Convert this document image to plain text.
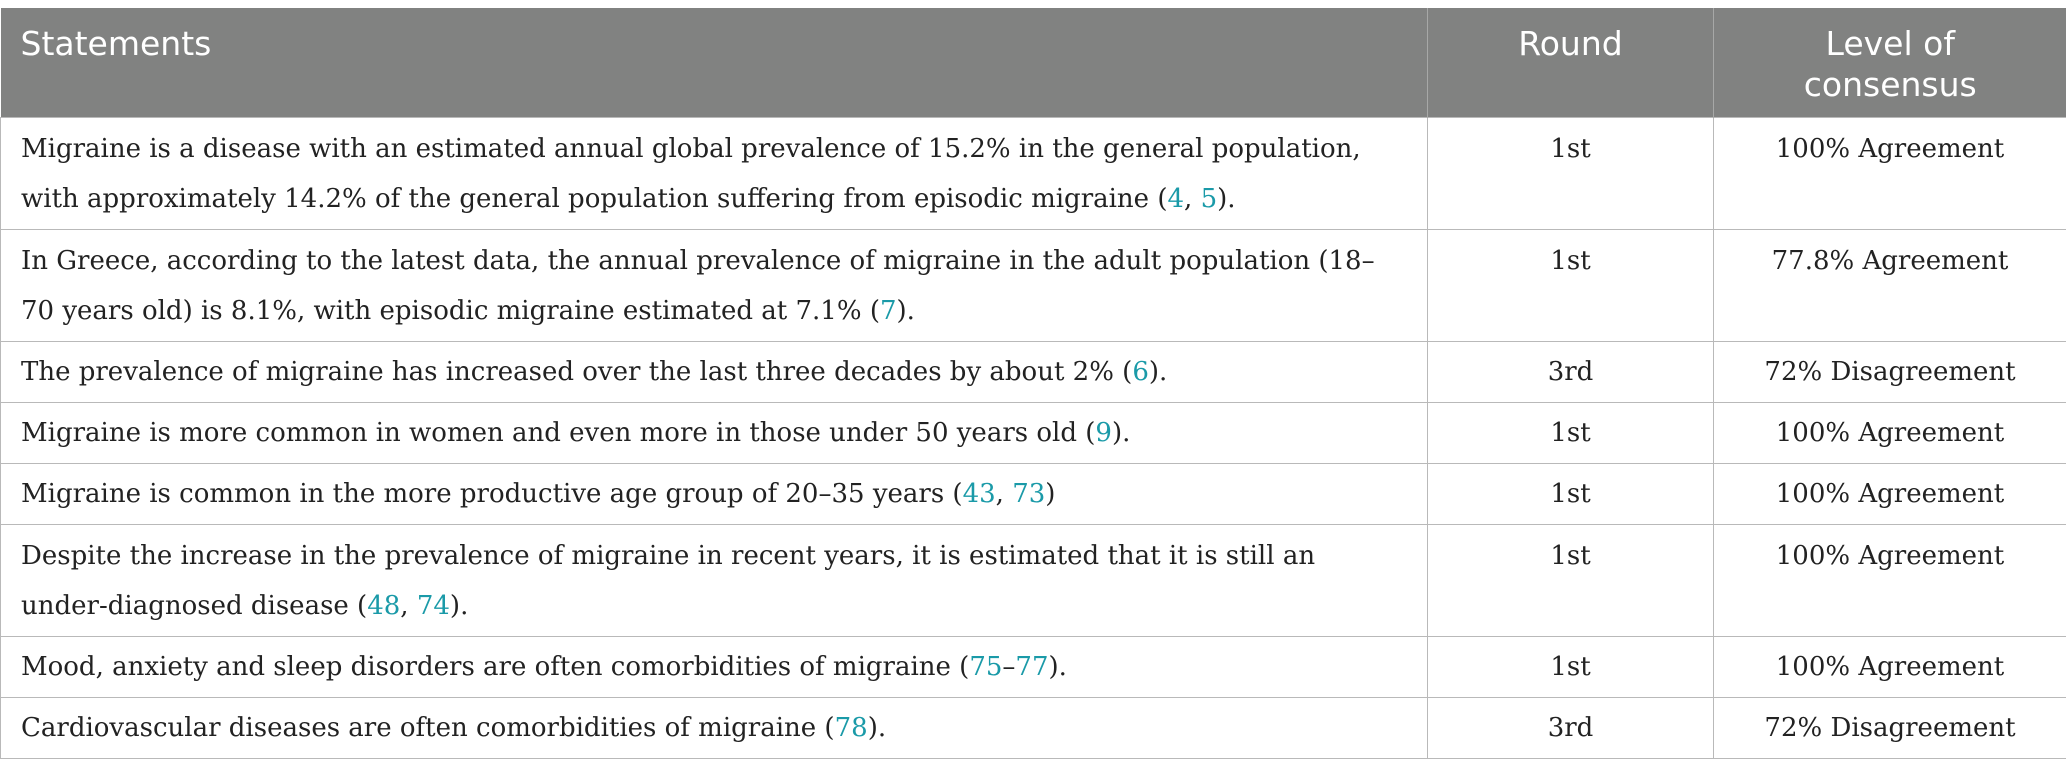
Statements	Round	Level of consensus
Migraine is a disease with an estimated annual global prevalence of 15.2% in the general population, with approximately 14.2% of the general population suffering from episodic migraine (4, 5).	1st	100% Agreement
In Greece, according to the latest data, the annual prevalence of migraine in the adult population (18–70 years old) is 8.1%, with episodic migraine estimated at 7.1% (7).	1st	77.8% Agreement
The prevalence of migraine has increased over the last three decades by about 2% (6).	3rd	72% Disagreement
Migraine is more common in women and even more in those under 50 years old (9).	1st	100% Agreement
Migraine is common in the more productive age group of 20–35 years (43, 73)	1st	100% Agreement
Despite the increase in the prevalence of migraine in recent years, it is estimated that it is still an under-diagnosed disease (48, 74).	1st	100% Agreement
Mood, anxiety and sleep disorders are often comorbidities of migraine (75–77).	1st	100% Agreement
Cardiovascular diseases are often comorbidities of migraine (78).	3rd	72% Disagreement
